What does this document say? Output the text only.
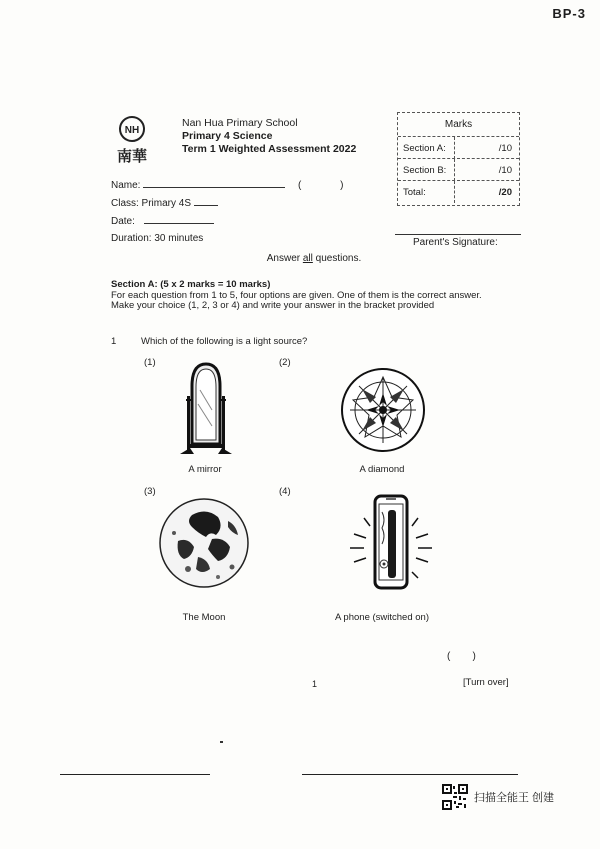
BP-3
NH
南華
Nan Hua Primary School
Primary 4 Science
Term 1 Weighted Assessment 2022
Marks
Section A:	/10
Section B:	/10
Total:	/20
Name:	(	)
Class: Primary 4S
Date:
Duration: 30 minutes	Parent's Signature:
Answer all questions.
Section A: (5 x 2 marks = 10 marks)
For each question from 1 to 5, four options are given. One of them is the correct answer.
Make your choice (1, 2, 3 or 4) and write your answer in the bracket provided
1	Which of the following is a light source?
(1)	(2)
(3)	(4)
A mirror	A diamond
The Moon	A phone (switched on)
(        )
1	[Turn over]
扫描全能王 创建
